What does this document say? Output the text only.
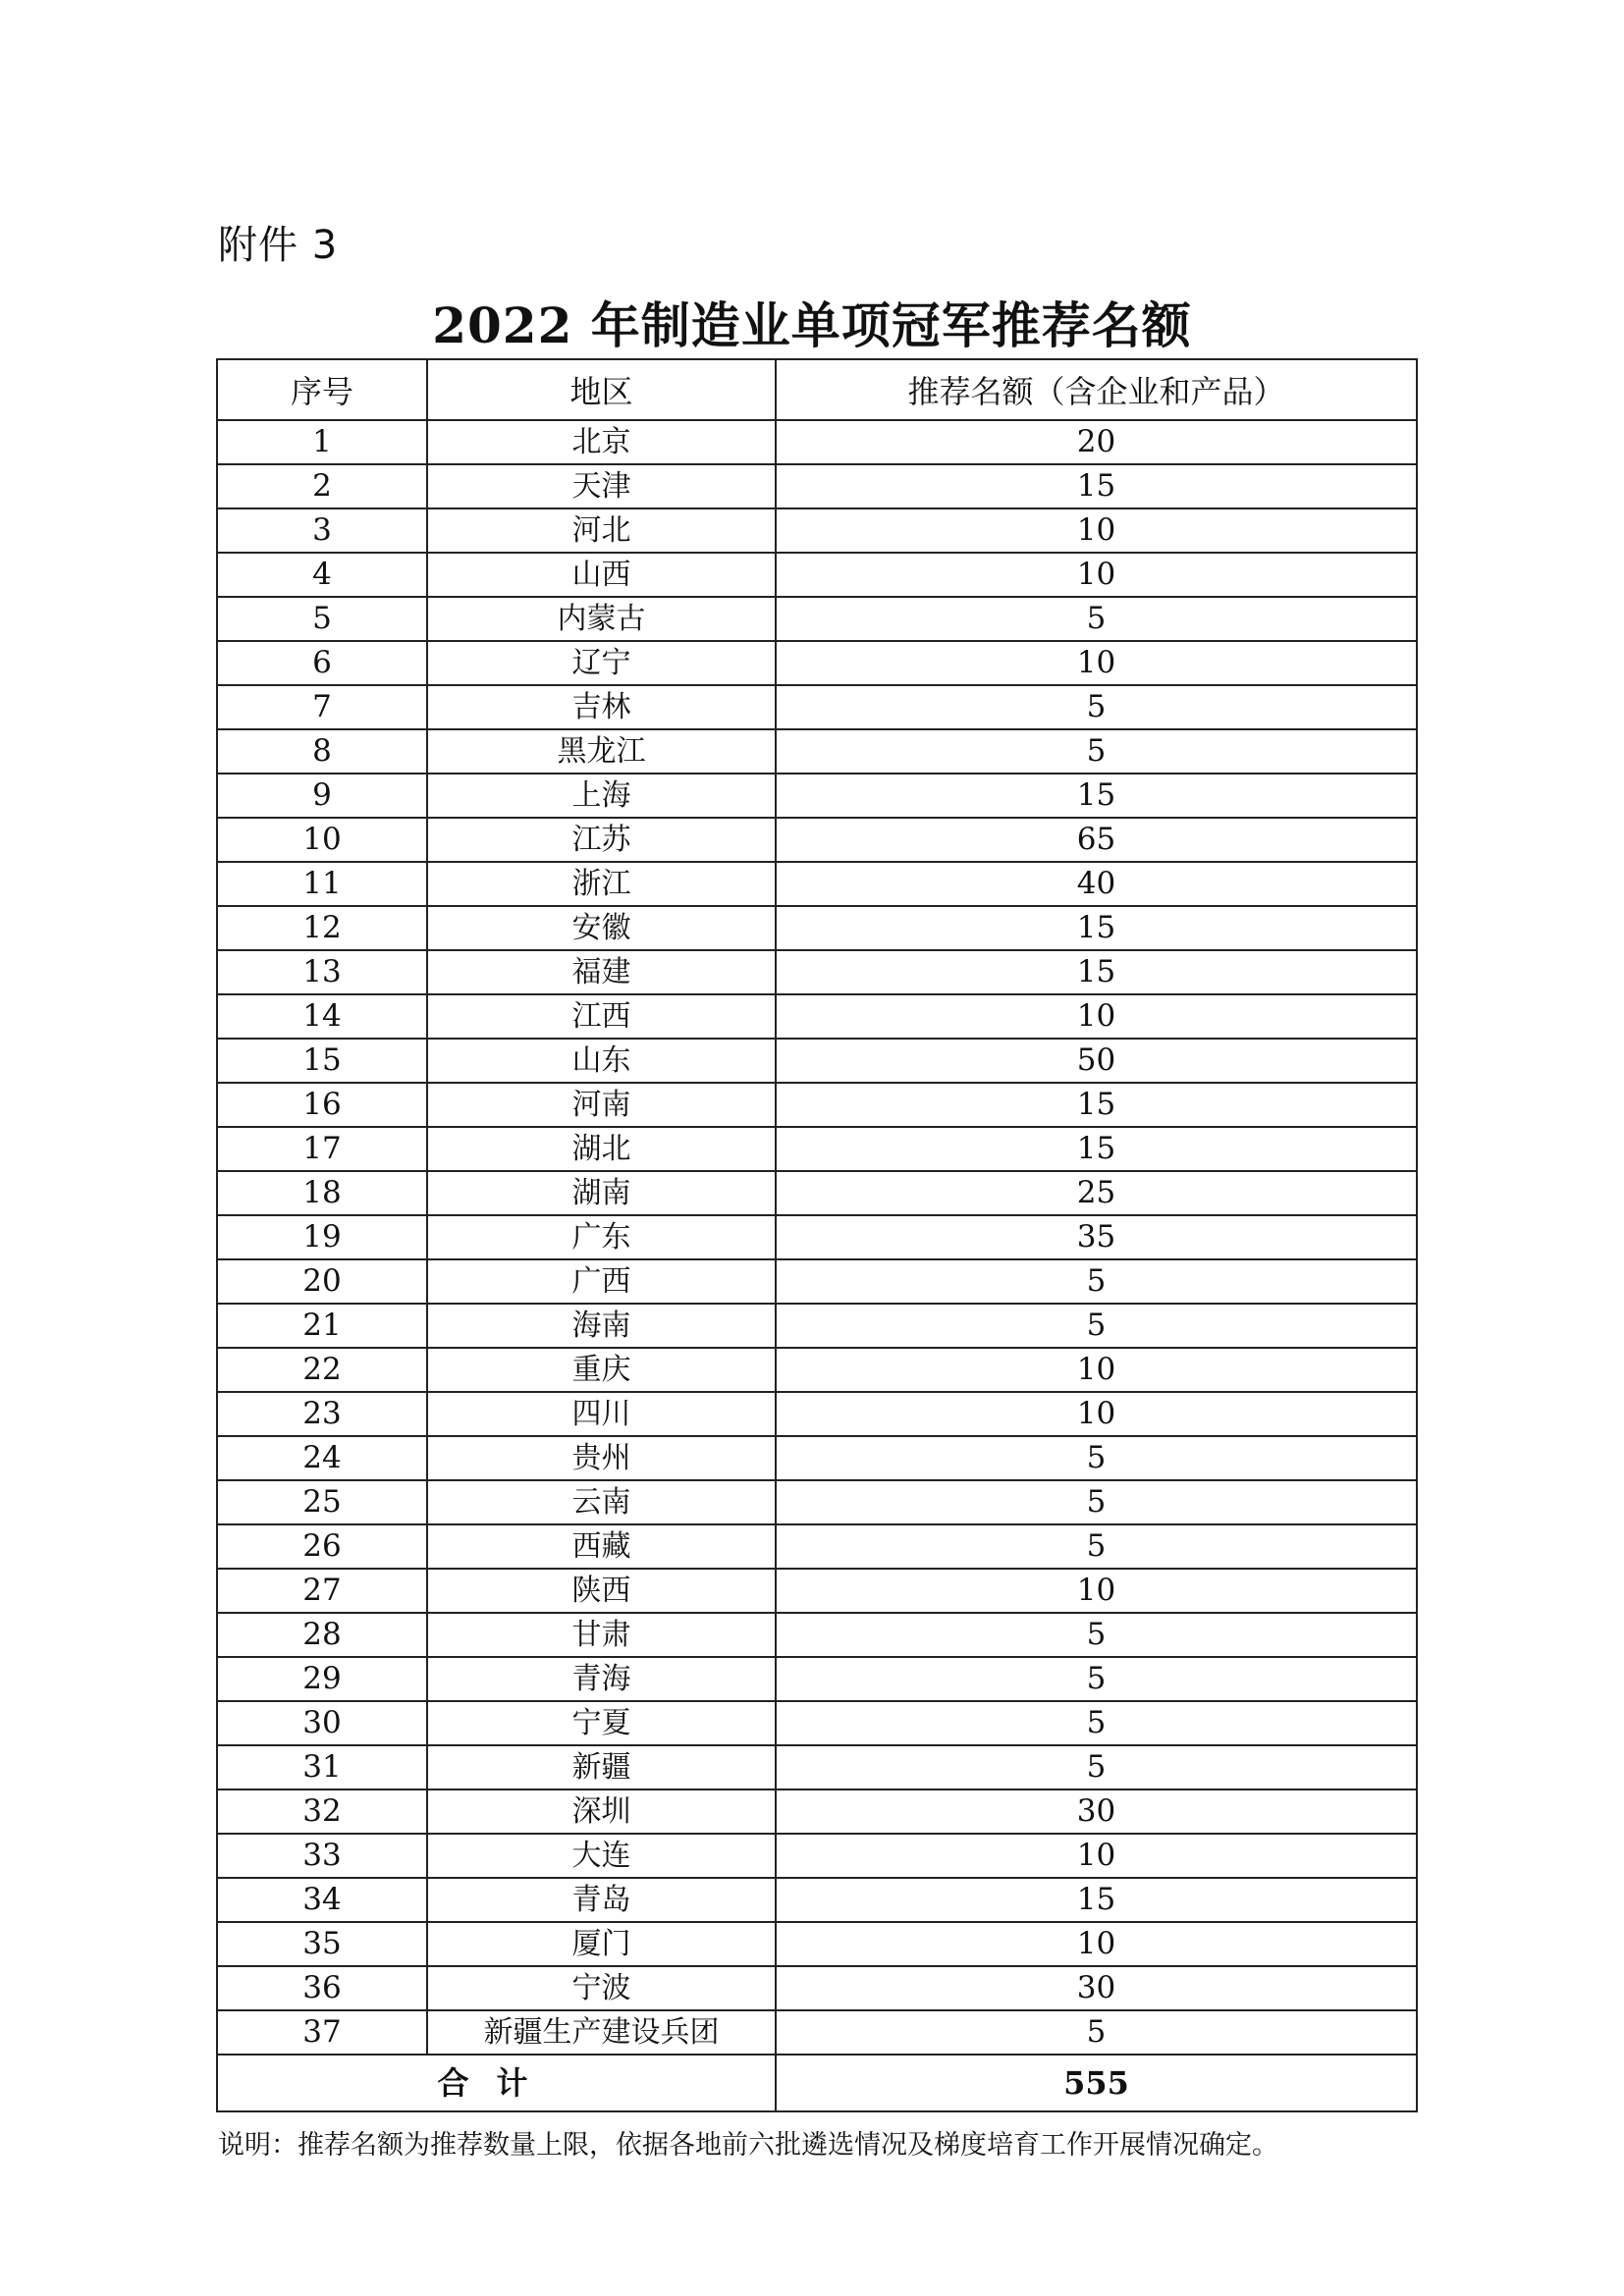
附件 3
2022 年制造业单项冠军推荐名额
序号	地区	推荐名额（含企业和产品）
1	北京	20
2	天津	15
3	河北	10
4	山西	10
5	内蒙古	5
6	辽宁	10
7	吉林	5
8	黑龙江	5
9	上海	15
10	江苏	65
11	浙江	40
12	安徽	15
13	福建	15
14	江西	10
15	山东	50
16	河南	15
17	湖北	15
18	湖南	25
19	广东	35
20	广西	5
21	海南	5
22	重庆	10
23	四川	10
24	贵州	5
25	云南	5
26	西藏	5
27	陕西	10
28	甘肃	5
29	青海	5
30	宁夏	5
31	新疆	5
32	深圳	30
33	大连	10
34	青岛	15
35	厦门	10
36	宁波	30
37	新疆生产建设兵团	5
合计		555
说明：推荐名额为推荐数量上限，依据各地前六批遴选情况及梯度培育工作开展情况确定。
